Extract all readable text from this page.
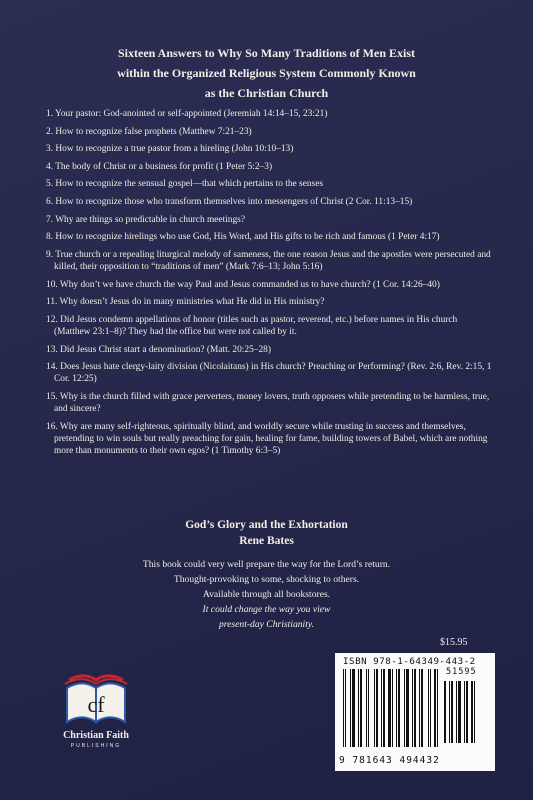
Sixteen Answers to Why So Many Traditions of Men Exist
within the Organized Religious System Commonly Known
as the Christian Church
1. Your pastor: God-anointed or self-appointed (Jeremiah 14:14–15, 23:21)
2. How to recognize false prophets (Matthew 7:21–23)
3. How to recognize a true pastor from a hireling (John 10:10–13)
4. The body of Christ or a business for profit (1 Peter 5:2–3)
5. How to recognize the sensual gospel—that which pertains to the senses
6. How to recognize those who transform themselves into messengers of Christ (2 Cor. 11:13–15)
7. Why are things so predictable in church meetings?
8. How to recognize hirelings who use God, His Word, and His gifts to be rich and famous (1 Peter 4:17)
9. True church or a repealing liturgical melody of sameness, the one reason Jesus and the apostles were persecuted and killed, their opposition to “traditions of men” (Mark 7:6–13; John 5:16)
10. Why don’t we have church the way Paul and Jesus commanded us to have church? (1 Cor. 14:26–40)
11. Why doesn’t Jesus do in many ministries what He did in His ministry?
12. Did Jesus condemn appellations of honor (titles such as pastor, reverend, etc.) before names in His church (Matthew 23:1–8)? They had the office but were not called by it.
13. Did Jesus Christ start a denomination? (Matt. 20:25–28)
14. Does Jesus hate clergy-laity division (Nicolaitans) in His church? Preaching or Performing? (Rev. 2:6, Rev. 2:15, 1 Cor. 12:25)
15. Why is the church filled with grace perverters, money lovers, truth opposers while pretending to be harmless, true, and sincere?
16. Why are many self-righteous, spiritually blind, and worldly secure while trusting in success and themselves, pretending to win souls but really preaching for gain, healing for fame, building towers of Babel, which are nothing more than monuments to their own egos? (1 Timothy 6:3–5)
God’s Glory and the Exhortation
Rene Bates
This book could very well prepare the way for the Lord’s return.
Thought-provoking to some, shocking to others.
Available through all bookstores.
It could change the way you view
present-day Christianity.
$15.95
ISBN 978-1-64349-443-2
51595
9 781643 494432
cf
Christian Faith
PUBLISHING
